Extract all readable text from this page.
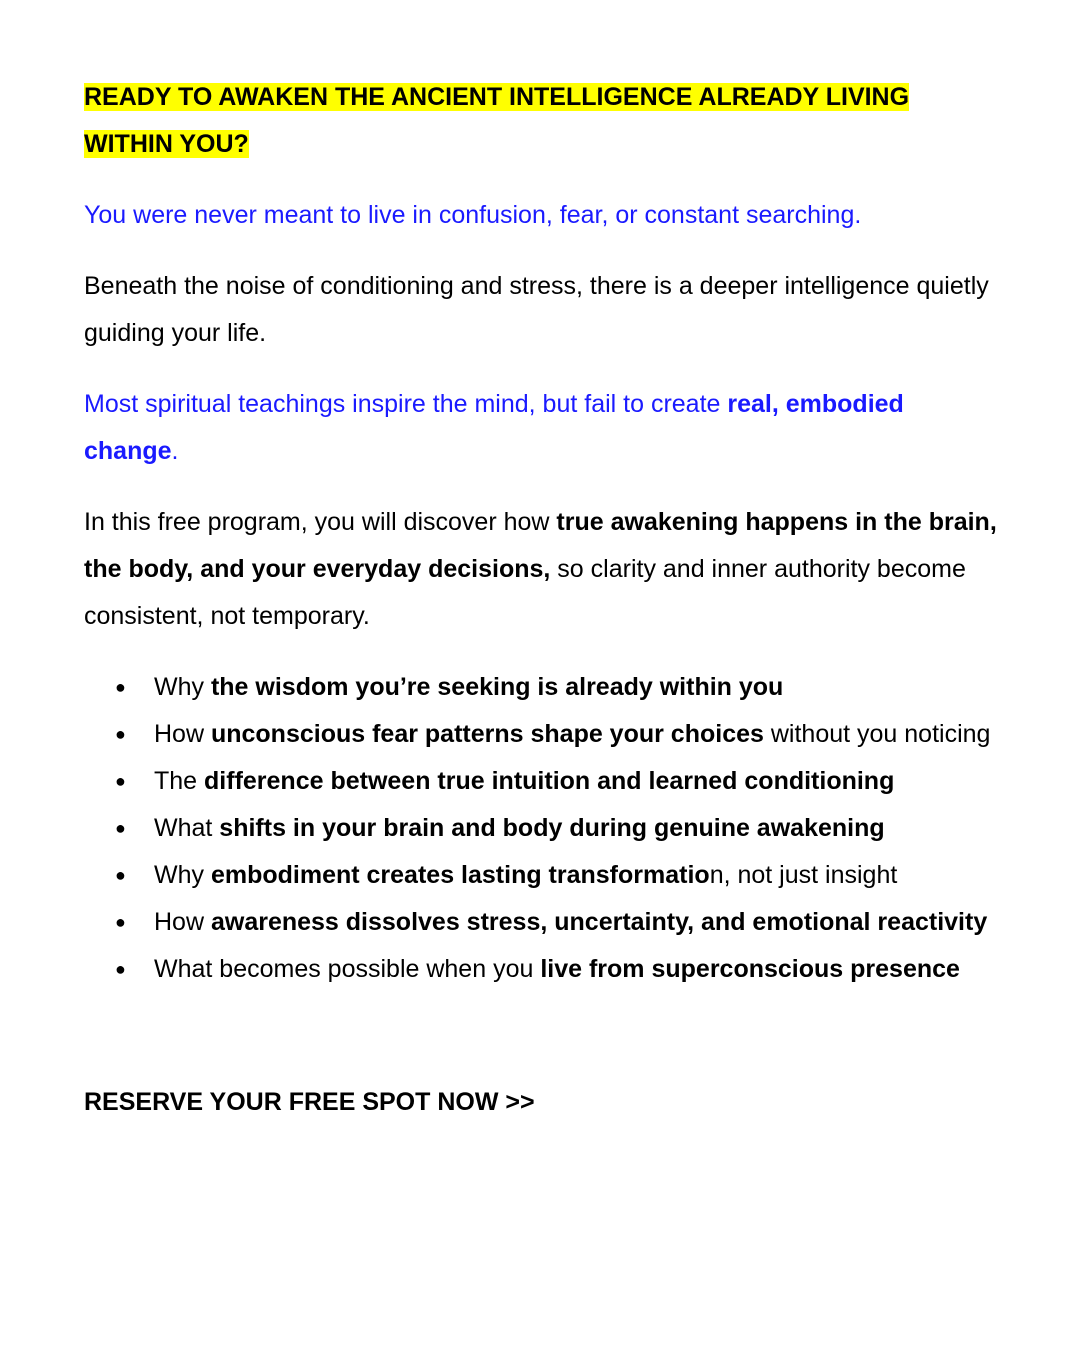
READY TO AWAKEN THE ANCIENT INTELLIGENCE ALREADY LIVING WITHIN YOU?

You were never meant to live in confusion, fear, or constant searching.

Beneath the noise of conditioning and stress, there is a deeper intelligence quietly guiding your life.

Most spiritual teachings inspire the mind, but fail to create real, embodied change.

In this free program, you will discover how true awakening happens in the brain, the body, and your everyday decisions, so clarity and inner authority become consistent, not temporary.

● Why the wisdom you’re seeking is already within you
● How unconscious fear patterns shape your choices without you noticing
● The difference between true intuition and learned conditioning
● What shifts in your brain and body during genuine awakening
● Why embodiment creates lasting transformation, not just insight
● How awareness dissolves stress, uncertainty, and emotional reactivity
● What becomes possible when you live from superconscious presence

RESERVE YOUR FREE SPOT NOW >>
